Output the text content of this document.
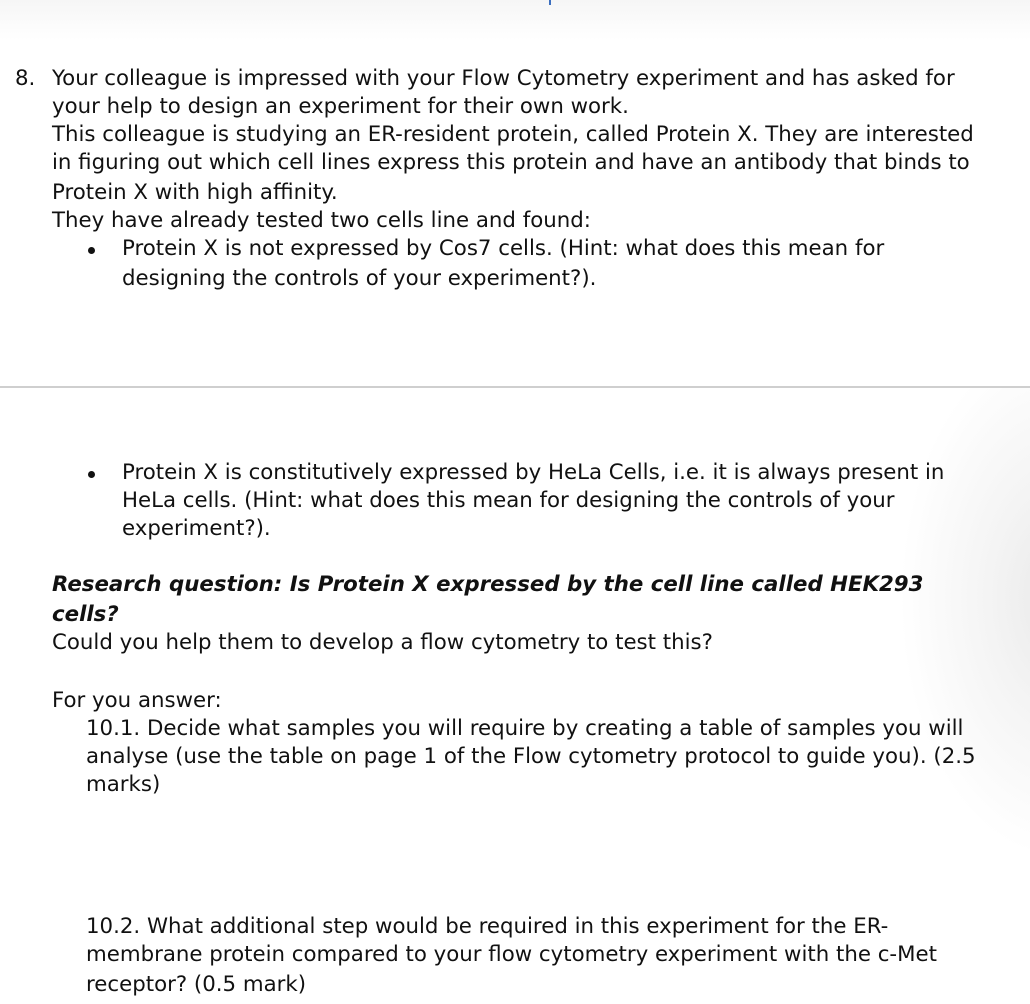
8. Your colleague is impressed with your Flow Cytometry experiment and has asked for
your help to design an experiment for their own work.
This colleague is studying an ER-resident protein, called Protein X. They are interested
in figuring out which cell lines express this protein and have an antibody that binds to
Protein X with high affinity.
They have already tested two cells line and found:
Protein X is not expressed by Cos7 cells. (Hint: what does this mean for
designing the controls of your experiment?).
Protein X is constitutively expressed by HeLa Cells, i.e. it is always present in
HeLa cells. (Hint: what does this mean for designing the controls of your
experiment?).
Research question: Is Protein X expressed by the cell line called HEK293
cells?
Could you help them to develop a flow cytometry to test this?
For you answer:
10.1. Decide what samples you will require by creating a table of samples you will
analyse (use the table on page 1 of the Flow cytometry protocol to guide you). (2.5
marks)
10.2. What additional step would be required in this experiment for the ER-
membrane protein compared to your flow cytometry experiment with the c-Met
receptor? (0.5 mark)
